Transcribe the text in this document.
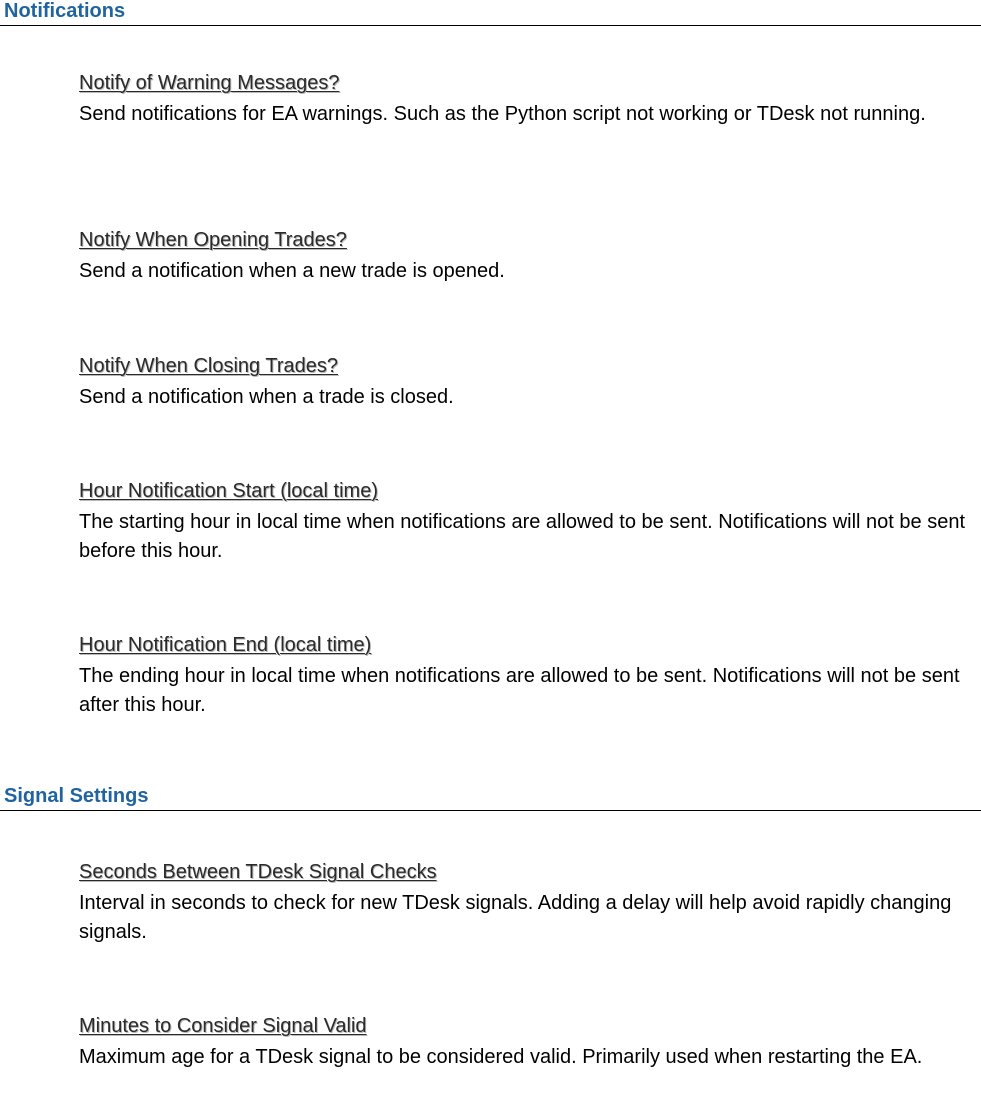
Notifications
Notify of Warning Messages?
Send notifications for EA warnings. Such as the Python script not working or TDesk not running.
Notify When Opening Trades?
Send a notification when a new trade is opened.
Notify When Closing Trades?
Send a notification when a trade is closed.
Hour Notification Start (local time)
The starting hour in local time when notifications are allowed to be sent. Notifications will not be sent before this hour.
Hour Notification End (local time)
The ending hour in local time when notifications are allowed to be sent. Notifications will not be sent after this hour.
Signal Settings
Seconds Between TDesk Signal Checks
Interval in seconds to check for new TDesk signals. Adding a delay will help avoid rapidly changing signals.
Minutes to Consider Signal Valid
Maximum age for a TDesk signal to be considered valid. Primarily used when restarting the EA.
